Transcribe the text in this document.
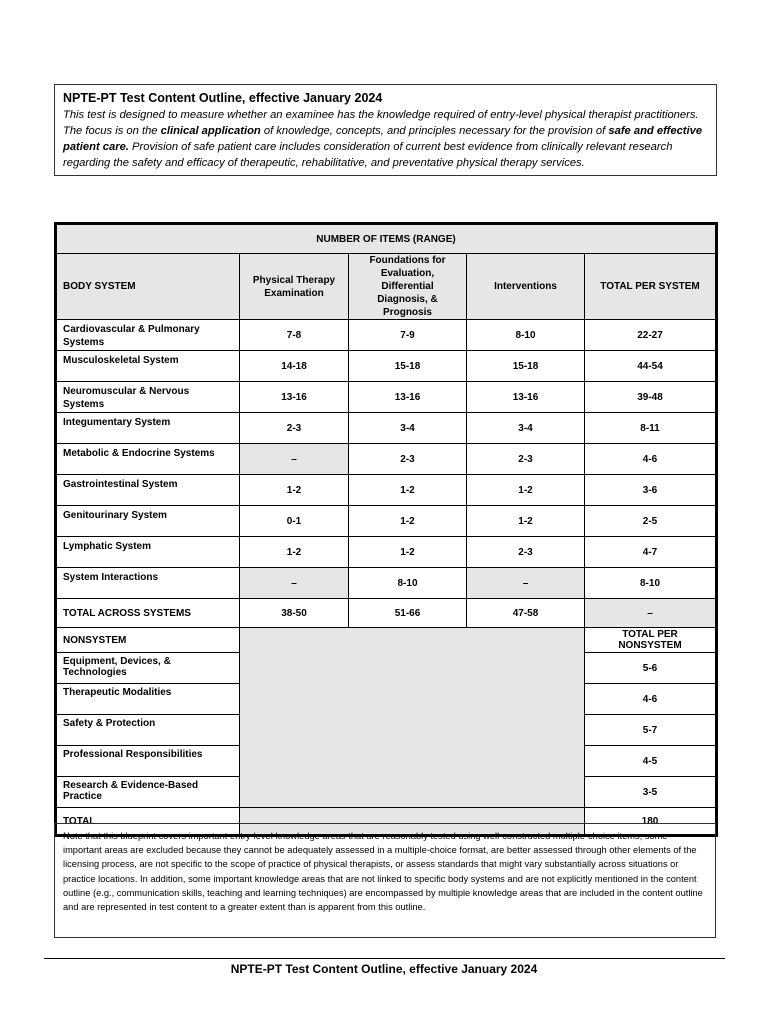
NPTE-PT Test Content Outline, effective January 2024

This test is designed to measure whether an examinee has the knowledge required of entry-level physical therapist practitioners. The focus is on the clinical application of knowledge, concepts, and principles necessary for the provision of safe and effective patient care. Provision of safe patient care includes consideration of current best evidence from clinically relevant research regarding the safety and efficacy of therapeutic, rehabilitative, and preventative physical therapy services.

NUMBER OF ITEMS (RANGE)				
BODY SYSTEM	Physical Therapy Examination	Foundations for Evaluation, Differential Diagnosis, & Prognosis	Interventions	TOTAL PER SYSTEM
Cardiovascular & Pulmonary Systems	7-8	7-9	8-10	22-27
Musculoskeletal System	14-18	15-18	15-18	44-54
Neuromuscular & Nervous Systems	13-16	13-16	13-16	39-48
Integumentary System	2-3	3-4	3-4	8-11
Metabolic & Endocrine Systems	–	2-3	2-3	4-6
Gastrointestinal System	1-2	1-2	1-2	3-6
Genitourinary System	0-1	1-2	1-2	2-5
Lymphatic System	1-2	1-2	2-3	4-7
System Interactions	–	8-10	–	8-10
TOTAL ACROSS SYSTEMS	38-50	51-66	47-58	–
NONSYSTEM				TOTAL PER NONSYSTEM
Equipment, Devices, & Technologies				5-6
Therapeutic Modalities				4-6
Safety & Protection				5-7
Professional Responsibilities				4-5
Research & Evidence-Based Practice				3-5
TOTAL				180
Note that this blueprint covers important entry-level knowledge areas that are reasonably tested using well-constructed multiple-choice items; some important areas are excluded because they cannot be adequately assessed in a multiple-choice format, are better assessed through other elements of the licensing process, are not specific to the scope of practice of physical therapists, or assess standards that might vary substantially across situations or practice locations. In addition, some important knowledge areas that are not linked to specific body systems and are not explicitly mentioned in the content outline (e.g., communication skills, teaching and learning techniques) are encompassed by multiple knowledge areas that are included in the content outline and are represented in test content to a greater extent than is apparent from this outline.
NPTE-PT Test Content Outline, effective January 2024
